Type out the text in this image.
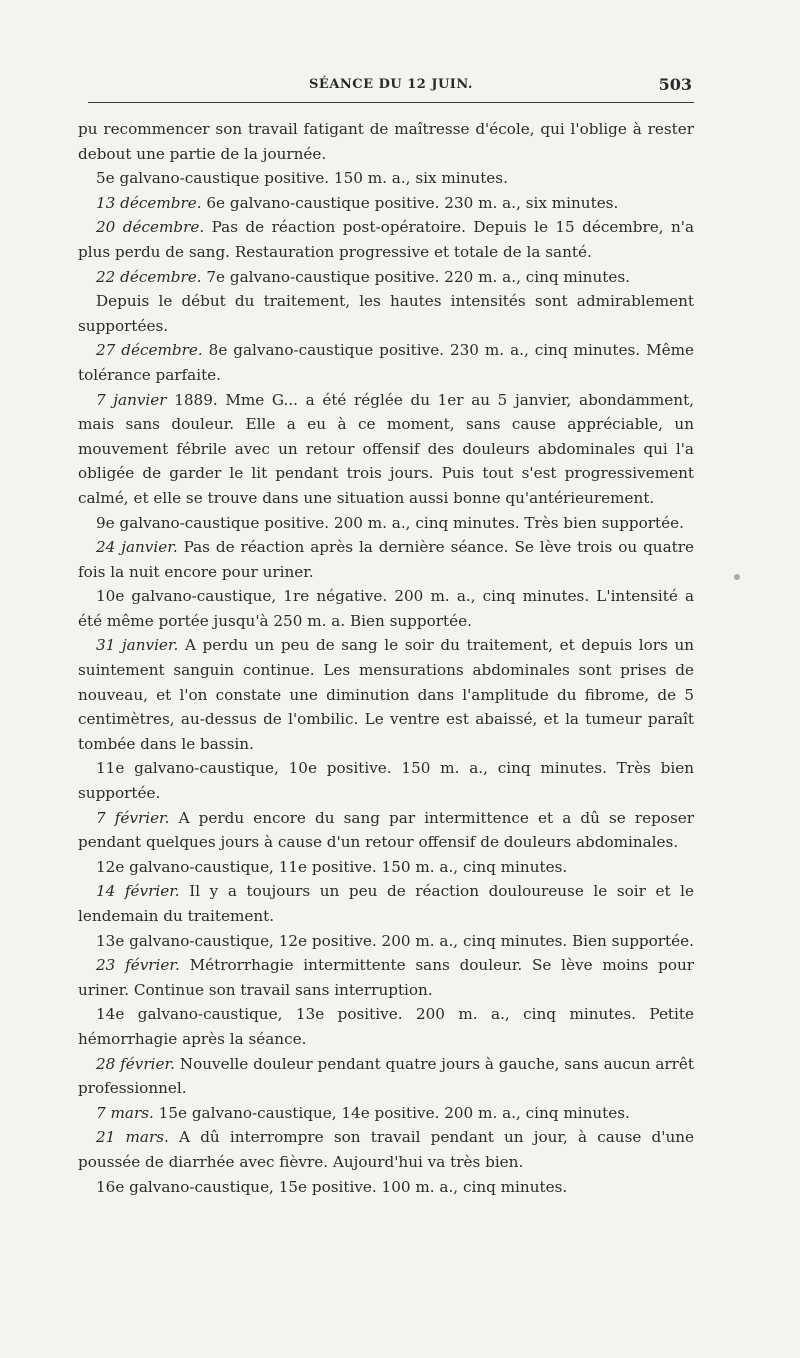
SÉANCE DU 12 JUIN.	503

pu recommencer son travail fatigant de maîtresse d'école, qui l'oblige à rester debout une partie de la journée.

5e galvano-caustique positive. 150 m. a., six minutes.

13 décembre. 6e galvano-caustique positive. 230 m. a., six minutes.

20 décembre. Pas de réaction post-opératoire. Depuis le 15 décembre, n'a plus perdu de sang. Restauration progressive et totale de la santé.

22 décembre. 7e galvano-caustique positive. 220 m. a., cinq minutes.

Depuis le début du traitement, les hautes intensités sont admirablement supportées.

27 décembre. 8e galvano-caustique positive. 230 m. a., cinq minutes. Même tolérance parfaite.

7 janvier 1889. Mme G... a été réglée du 1er au 5 janvier, abondamment, mais sans douleur. Elle a eu à ce moment, sans cause appréciable, un mouvement fébrile avec un retour offensif des douleurs abdominales qui l'a obligée de garder le lit pendant trois jours. Puis tout s'est progressivement calmé, et elle se trouve dans une situation aussi bonne qu'antérieurement.

9e galvano-caustique positive. 200 m. a., cinq minutes. Très bien supportée.

24 janvier. Pas de réaction après la dernière séance. Se lève trois ou quatre fois la nuit encore pour uriner.

10e galvano-caustique, 1re négative. 200 m. a., cinq minutes. L'intensité a été même portée jusqu'à 250 m. a. Bien supportée.

31 janvier. A perdu un peu de sang le soir du traitement, et depuis lors un suintement sanguin continue. Les mensurations abdominales sont prises de nouveau, et l'on constate une diminution dans l'amplitude du fibrome, de 5 centimètres, au-dessus de l'ombilic. Le ventre est abaissé, et la tumeur paraît tombée dans le bassin.

11e galvano-caustique, 10e positive. 150 m. a., cinq minutes. Très bien supportée.

7 février. A perdu encore du sang par intermittence et a dû se reposer pendant quelques jours à cause d'un retour offensif de douleurs abdominales.

12e galvano-caustique, 11e positive. 150 m. a., cinq minutes.

14 février. Il y a toujours un peu de réaction douloureuse le soir et le lendemain du traitement.

13e galvano-caustique, 12e positive. 200 m. a., cinq minutes. Bien supportée.

23 février. Métrorrhagie intermittente sans douleur. Se lève moins pour uriner. Continue son travail sans interruption.

14e galvano-caustique, 13e positive. 200 m. a., cinq minutes. Petite hémorrhagie après la séance.

28 février. Nouvelle douleur pendant quatre jours à gauche, sans aucun arrêt professionnel.

7 mars. 15e galvano-caustique, 14e positive. 200 m. a., cinq minutes.

21 mars. A dû interrompre son travail pendant un jour, à cause d'une poussée de diarrhée avec fièvre. Aujourd'hui va très bien.

16e galvano-caustique, 15e positive. 100 m. a., cinq minutes.
